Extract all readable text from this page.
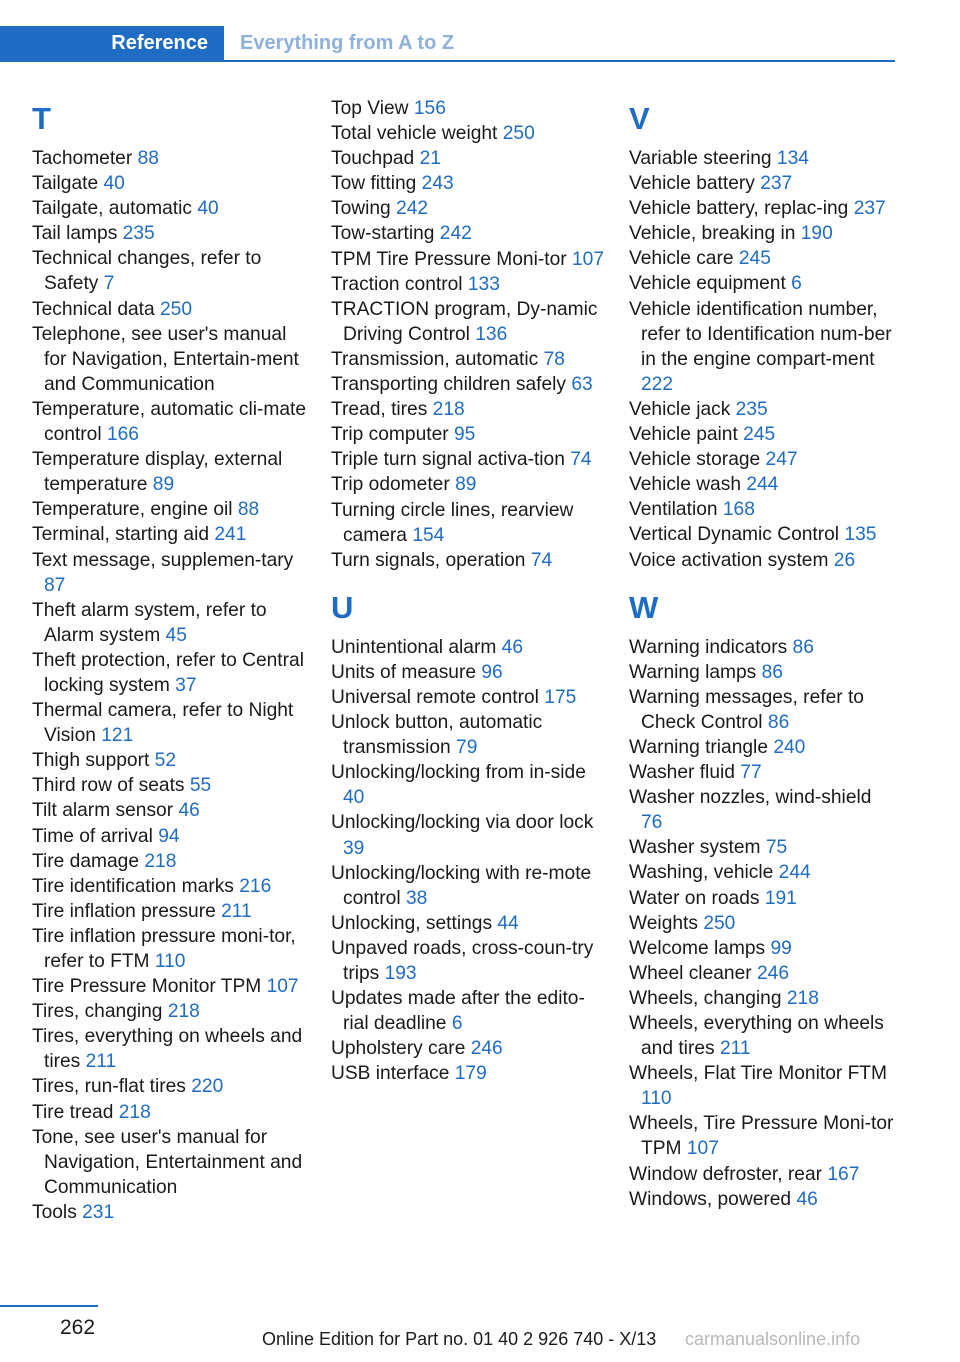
Reference	Everything from A to Z
T
Tachometer 88
Tailgate 40
Tailgate, automatic 40
Tail lamps 235
Technical changes, refer to Safety 7
Technical data 250
Telephone, see user's manual for Navigation, Entertain-ment and Communication
Temperature, automatic cli-mate control 166
Temperature display, external temperature 89
Temperature, engine oil 88
Terminal, starting aid 241
Text message, supplemen-tary 87
Theft alarm system, refer to Alarm system 45
Theft protection, refer to Central locking system 37
Thermal camera, refer to Night Vision 121
Thigh support 52
Third row of seats 55
Tilt alarm sensor 46
Time of arrival 94
Tire damage 218
Tire identification marks 216
Tire inflation pressure 211
Tire inflation pressure moni-tor, refer to FTM 110
Tire Pressure Monitor TPM 107
Tires, changing 218
Tires, everything on wheels and tires 211
Tires, run-flat tires 220
Tire tread 218
Tone, see user's manual for Navigation, Entertainment and Communication
Tools 231
Top View 156
Total vehicle weight 250
Touchpad 21
Tow fitting 243
Towing 242
Tow-starting 242
TPM Tire Pressure Moni-tor 107
Traction control 133
TRACTION program, Dy-namic Driving Control 136
Transmission, automatic 78
Transporting children safely 63
Tread, tires 218
Trip computer 95
Triple turn signal activa-tion 74
Trip odometer 89
Turning circle lines, rearview camera 154
Turn signals, operation 74
U
Unintentional alarm 46
Units of measure 96
Universal remote control 175
Unlock button, automatic transmission 79
Unlocking/locking from in-side 40
Unlocking/locking via door lock 39
Unlocking/locking with re-mote control 38
Unlocking, settings 44
Unpaved roads, cross-coun-try trips 193
Updates made after the edito-rial deadline 6
Upholstery care 246
USB interface 179
V
Variable steering 134
Vehicle battery 237
Vehicle battery, replac-ing 237
Vehicle, breaking in 190
Vehicle care 245
Vehicle equipment 6
Vehicle identification number, refer to Identification num-ber in the engine compart-ment 222
Vehicle jack 235
Vehicle paint 245
Vehicle storage 247
Vehicle wash 244
Ventilation 168
Vertical Dynamic Control 135
Voice activation system 26
W
Warning indicators 86
Warning lamps 86
Warning messages, refer to Check Control 86
Warning triangle 240
Washer fluid 77
Washer nozzles, wind-shield 76
Washer system 75
Washing, vehicle 244
Water on roads 191
Weights 250
Welcome lamps 99
Wheel cleaner 246
Wheels, changing 218
Wheels, everything on wheels and tires 211
Wheels, Flat Tire Monitor FTM 110
Wheels, Tire Pressure Moni-tor TPM 107
Window defroster, rear 167
Windows, powered 46
262	Online Edition for Part no. 01 40 2 926 740 - X/13 carmanualsonline.info
